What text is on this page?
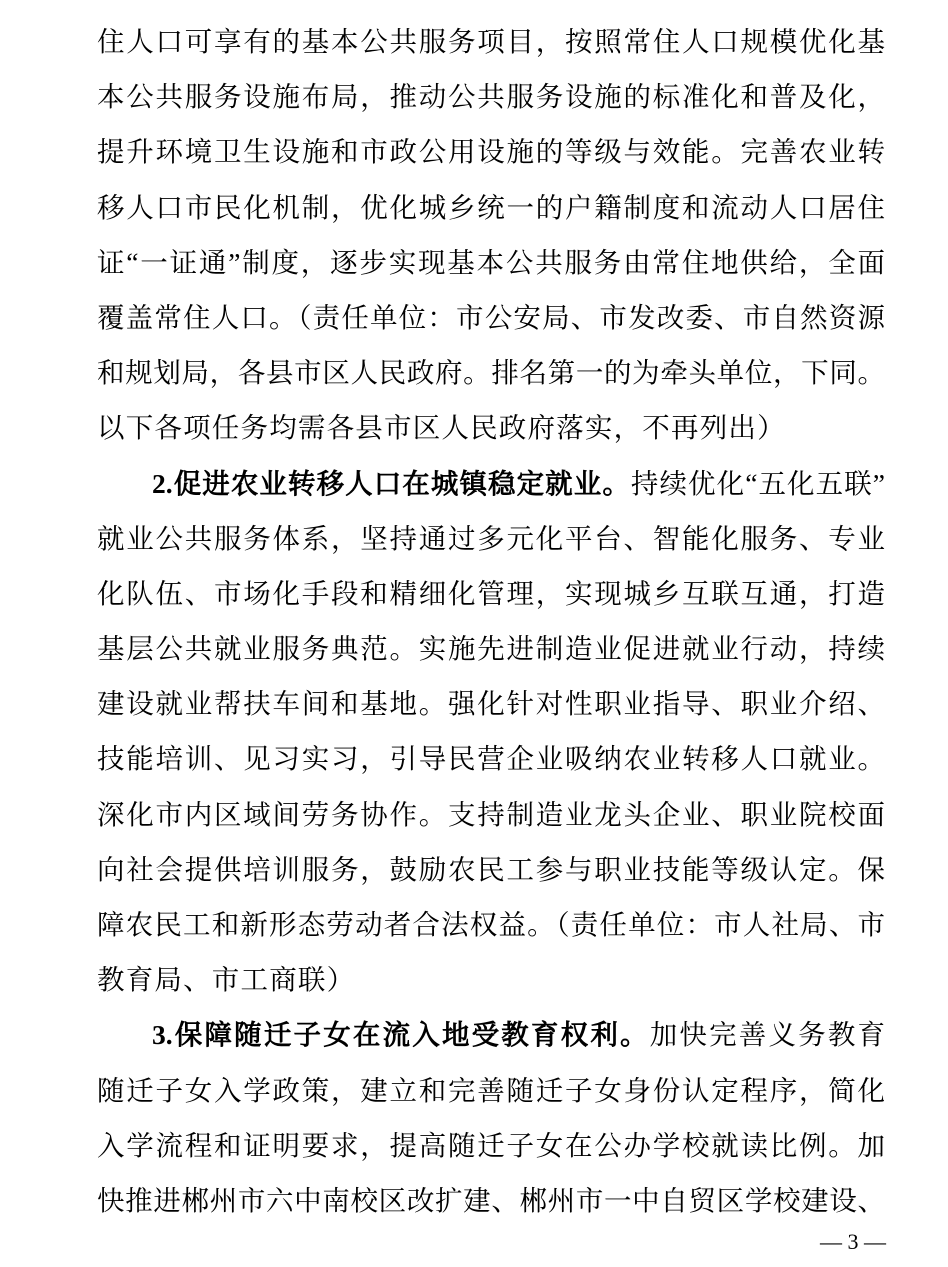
住人口可享有的基本公共服务项目，按照常住人口规模优化基
本公共服务设施布局，推动公共服务设施的标准化和普及化，
提升环境卫生设施和市政公用设施的等级与效能。完善农业转
移人口市民化机制，优化城乡统一的户籍制度和流动人口居住
证“一证通”制度，逐步实现基本公共服务由常住地供给，全面
覆盖常住人口。（责任单位：市公安局、市发改委、市自然资源
和规划局，各县市区人民政府。排名第一的为牵头单位，下同。
以下各项任务均需各县市区人民政府落实，不再列出）
2.促进农业转移人口在城镇稳定就业。持续优化“五化五联”
就业公共服务体系，坚持通过多元化平台、智能化服务、专业
化队伍、市场化手段和精细化管理，实现城乡互联互通，打造
基层公共就业服务典范。实施先进制造业促进就业行动，持续
建设就业帮扶车间和基地。强化针对性职业指导、职业介绍、
技能培训、见习实习，引导民营企业吸纳农业转移人口就业。
深化市内区域间劳务协作。支持制造业龙头企业、职业院校面
向社会提供培训服务，鼓励农民工参与职业技能等级认定。保
障农民工和新形态劳动者合法权益。（责任单位：市人社局、市
教育局、市工商联）
3.保障随迁子女在流入地受教育权利。加快完善义务教育
随迁子女入学政策，建立和完善随迁子女身份认定程序，简化
入学流程和证明要求，提高随迁子女在公办学校就读比例。加
快推进郴州市六中南校区改扩建、郴州市一中自贸区学校建设、
— 3 —
